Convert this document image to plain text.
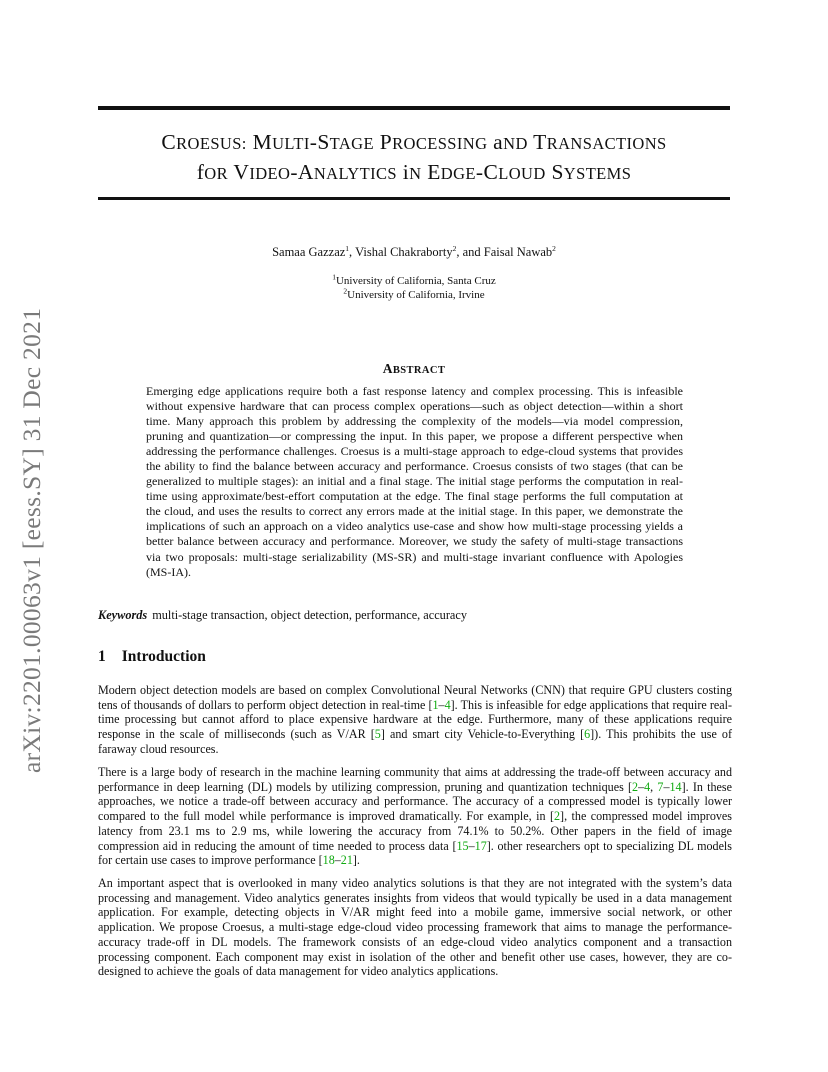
arXiv:2201.00063v1 [eess.SY] 31 Dec 2021
CROESUS: MULTI-STAGE PROCESSING aND TRANSACTIONS
fOR VIDEO-ANALYTICS iN EDGE-CLOUD SYSTEMS
Samaa Gazzaz$^1$, Vishal Chakraborty$^2$, and Faisal Nawab$^2$
$^1$University of California, Santa Cruz
$^2$University of California, Irvine
ABSTRACT
Emerging edge applications require both a fast response latency and complex processing. This is infeasible without expensive hardware that can process complex operations—such as object detection—within a short time. Many approach this problem by addressing the complexity of the models—via model compression, pruning and quantization—or compressing the input. In this paper, we propose a different perspective when addressing the performance challenges. Croesus is a multi-stage approach to edge-cloud systems that provides the ability to find the balance between accuracy and performance. Croesus consists of two stages (that can be generalized to multiple stages): an initial and a final stage. The initial stage performs the computation in real-time using approximate/best-effort computation at the edge. The final stage performs the full computation at the cloud, and uses the results to correct any errors made at the initial stage. In this paper, we demonstrate the implications of such an approach on a video analytics use-case and show how multi-stage processing yields a better balance between accuracy and performance. Moreover, we study the safety of multi-stage transactions via two proposals: multi-stage serializability (MS-SR) and multi-stage invariant confluence with Apologies (MS-IA).
Keywords multi-stage transaction, object detection, performance, accuracy
1 Introduction
Modern object detection models are based on complex Convolutional Neural Networks (CNN) that require GPU clusters costing tens of thousands of dollars to perform object detection in real-time [1–4]. This is infeasible for edge applications that require real-time processing but cannot afford to place expensive hardware at the edge. Furthermore, many of these applications require response in the scale of milliseconds (such as V/AR [5] and smart city Vehicle-to-Everything [6]). This prohibits the use of faraway cloud resources.
There is a large body of research in the machine learning community that aims at addressing the trade-off between accuracy and performance in deep learning (DL) models by utilizing compression, pruning and quantization techniques [2–4, 7–14]. In these approaches, we notice a trade-off between accuracy and performance. The accuracy of a compressed model is typically lower compared to the full model while performance is improved dramatically. For example, in [2], the compressed model improves latency from 23.1 ms to 2.9 ms, while lowering the accuracy from 74.1% to 50.2%. Other papers in the field of image compression aid in reducing the amount of time needed to process data [15–17]. other researchers opt to specializing DL models for certain use cases to improve performance [18–21].
An important aspect that is overlooked in many video analytics solutions is that they are not integrated with the system’s data processing and management. Video analytics generates insights from videos that would typically be used in a data management application. For example, detecting objects in V/AR might feed into a mobile game, immersive social network, or other application. We propose Croesus, a multi-stage edge-cloud video processing framework that aims to manage the performance-accuracy trade-off in DL models. The framework consists of an edge-cloud video analytics component and a transaction processing component. Each component may exist in isolation of the other and benefit other use cases, however, they are co-designed to achieve the goals of data management for video analytics applications.
